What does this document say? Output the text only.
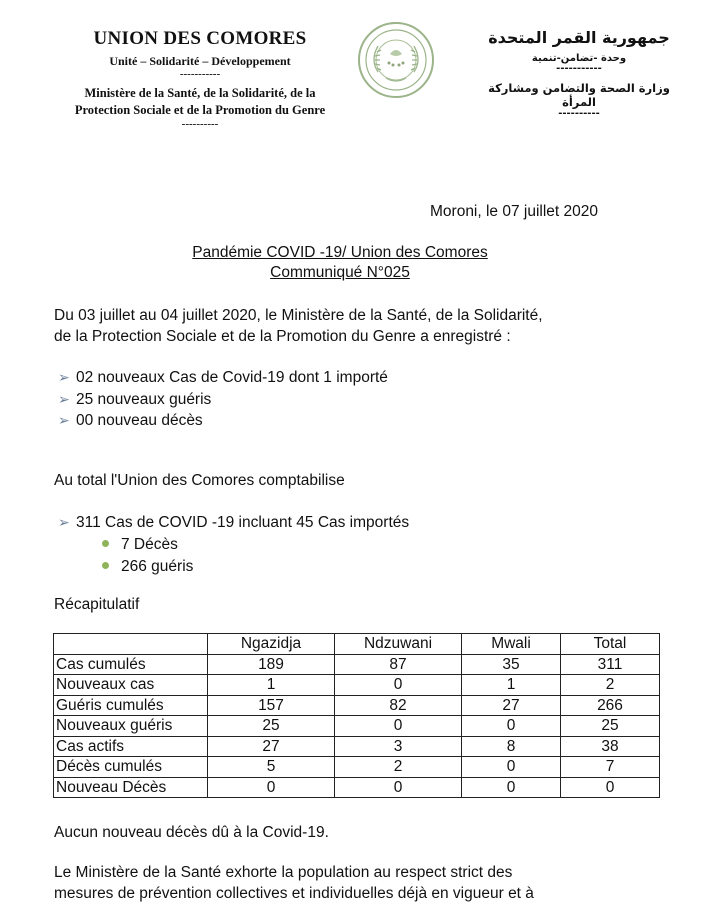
UNION DES COMORES
Unité – Solidarité – Développement
-----------
Ministère de la Santé, de la Solidarité, de la
Protection Sociale et de la Promotion du Genre
----------
جمهورية القمر المتحدة
وحدة -تضامن-تنمية
-----------
وزارة الصحة والتضامن ومشاركة المرأة
----------
Moroni, le 07 juillet 2020
Pandémie COVID -19/ Union des Comores
Communiqué N°025
Du 03 juillet au 04 juillet 2020, le Ministère de la Santé, de la Solidarité,
de la Protection Sociale et de la Promotion du Genre a enregistré :
➢ 02 nouveaux Cas de Covid-19 dont 1 importé
➢ 25 nouveaux guéris
➢ 00 nouveau décès
Au total l'Union des Comores comptabilise
➢ 311 Cas de COVID -19 incluant 45 Cas importés
7 Décès
266 guéris
Récapitulatif
	Ngazidja	Ndzuwani	Mwali	Total
Cas cumulés	189	87	35	311
Nouveaux cas	1	0	1	2
Guéris cumulés	157	82	27	266
Nouveaux guéris	25	0	0	25
Cas actifs	27	3	8	38
Décès cumulés	5	2	0	7
Nouveau Décès	0	0	0	0
Aucun nouveau décès dû à la Covid-19.
Le Ministère de la Santé exhorte la population au respect strict des
mesures de prévention collectives et individuelles déjà en vigueur et à
